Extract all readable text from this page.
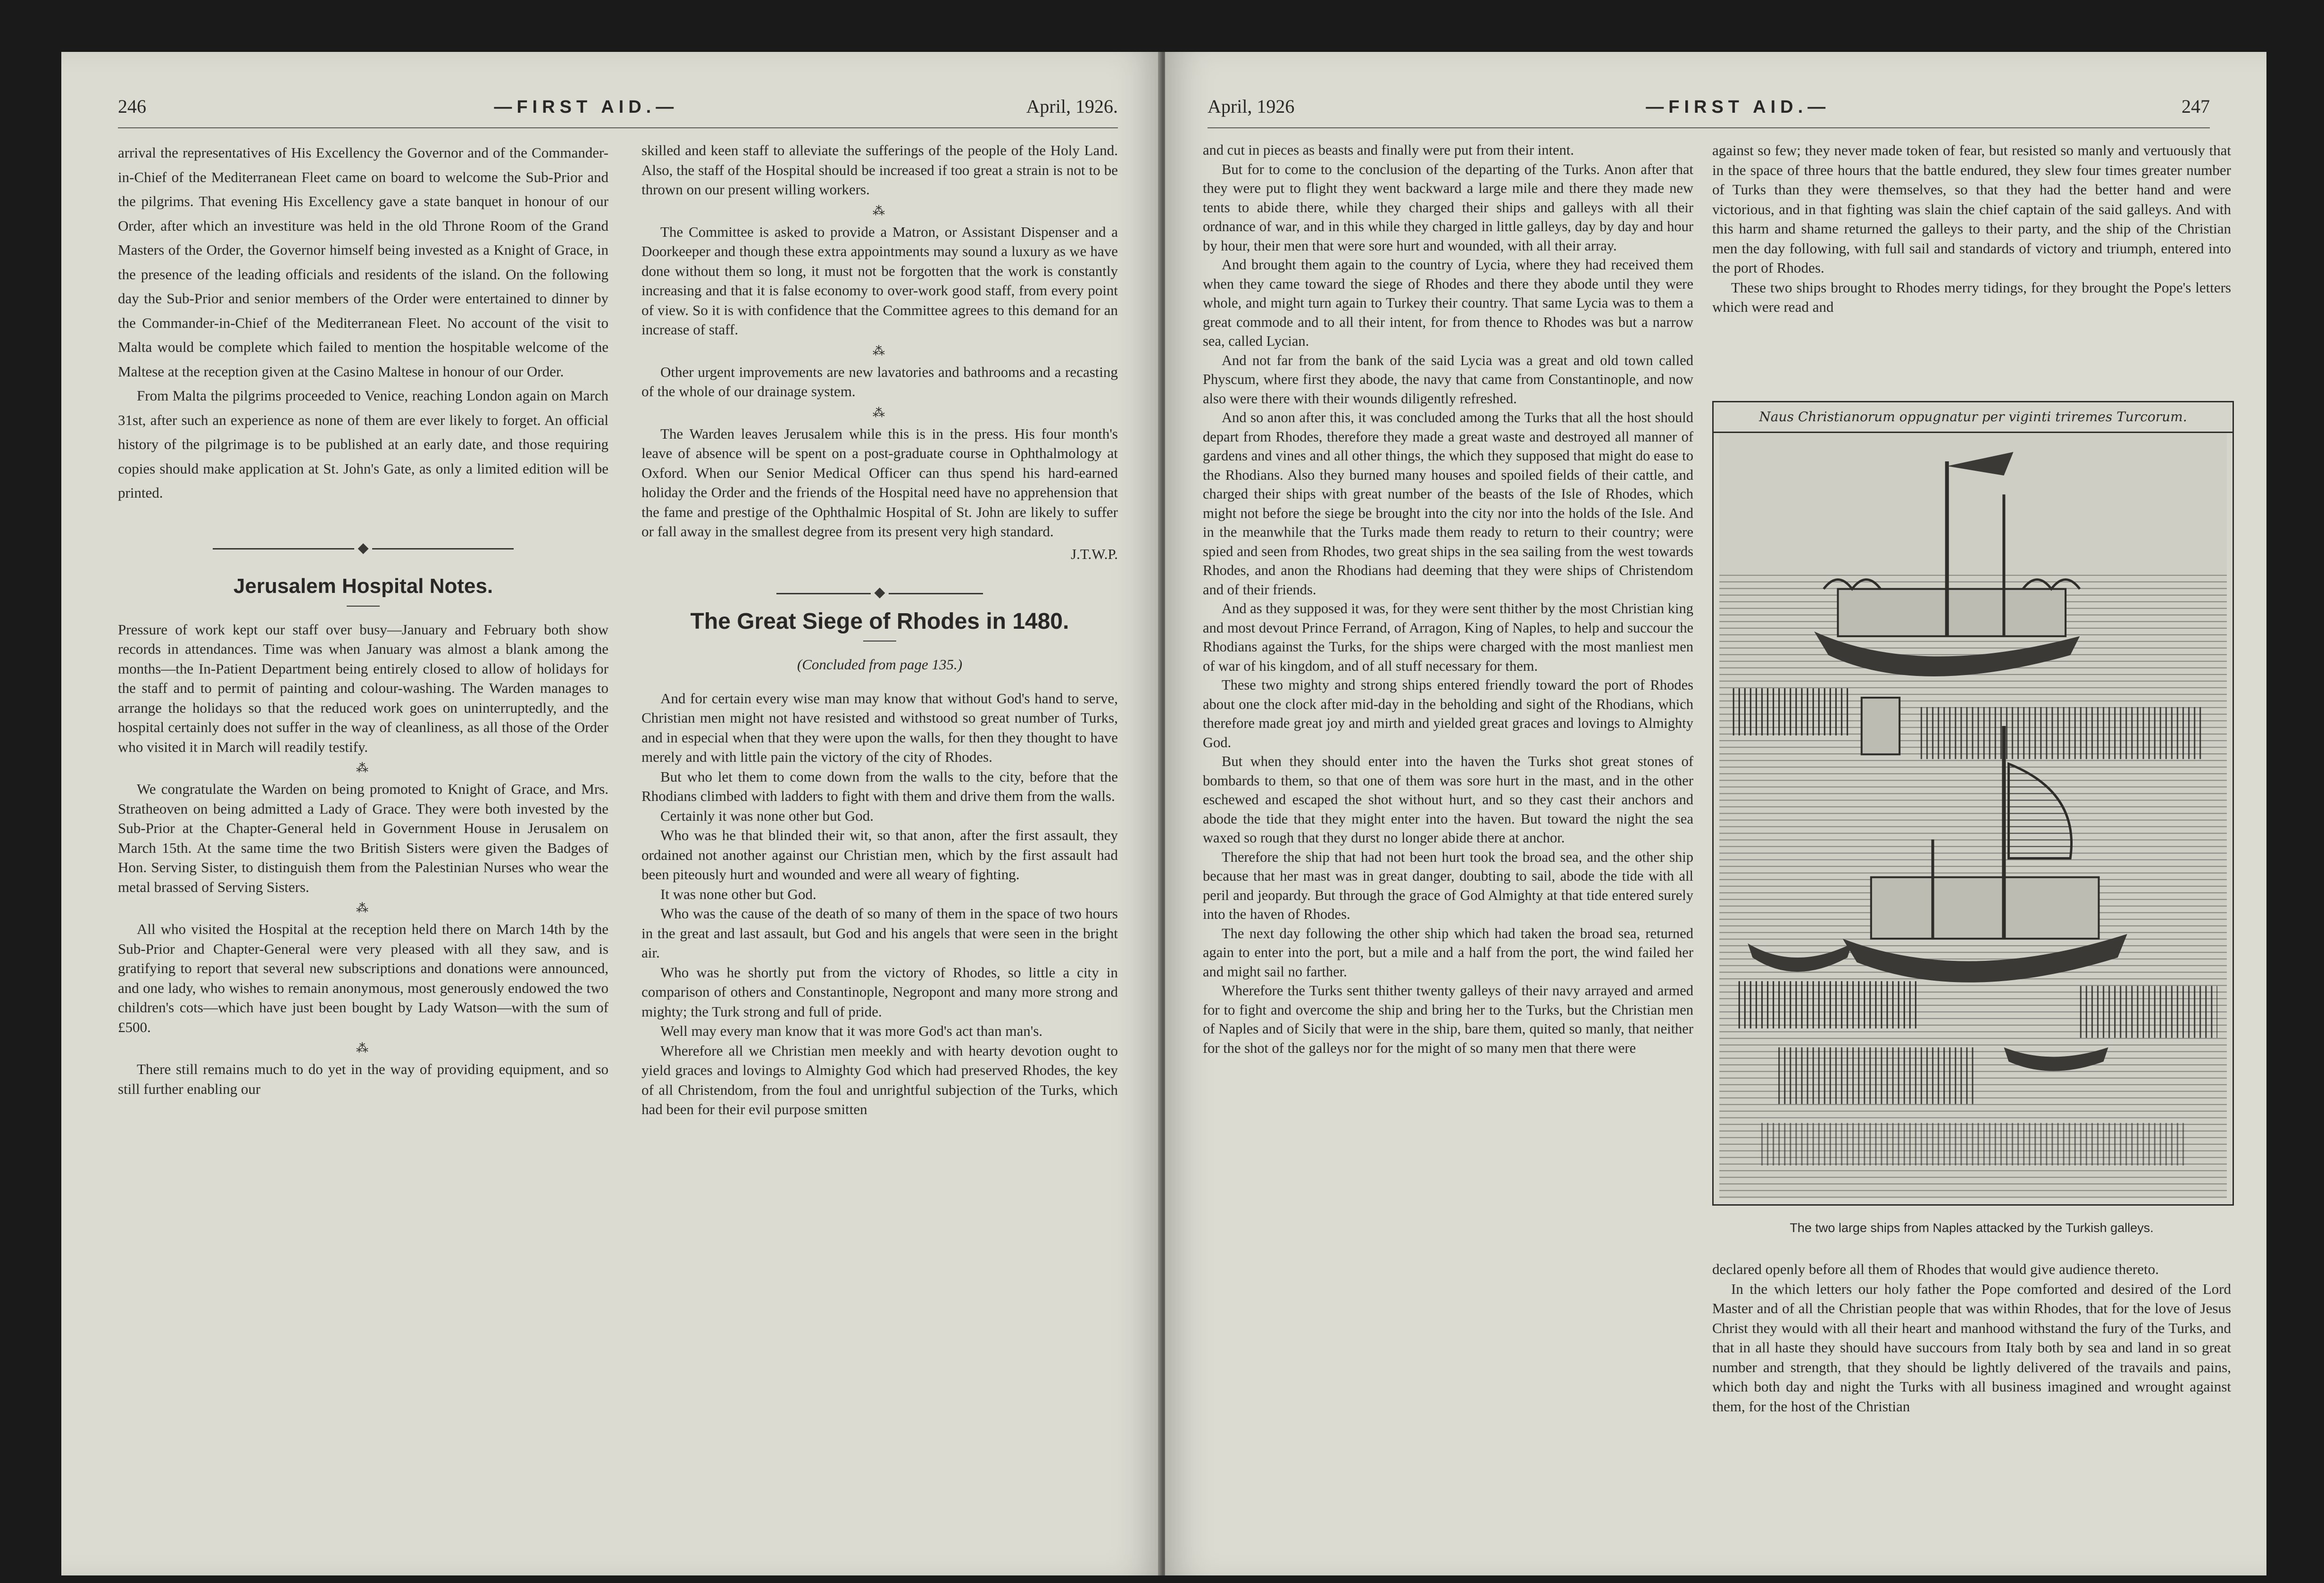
246	—FIRST AID.—	April, 1926.

arrival the representatives of His Excellency the Governor and of the Commander-in-Chief of the Mediterranean Fleet came on board to welcome the Sub-Prior and the pilgrims. That evening His Excellency gave a state banquet in honour of our Order, after which an investiture was held in the old Throne Room of the Grand Masters of the Order, the Governor himself being invested as a Knight of Grace, in the presence of the leading officials and residents of the island. On the following day the Sub-Prior and senior members of the Order were entertained to dinner by the Commander-in-Chief of the Mediterranean Fleet. No account of the visit to Malta would be complete which failed to mention the hospitable welcome of the Maltese at the reception given at the Casino Maltese in honour of our Order.

From Malta the pilgrims proceeded to Venice, reaching London again on March 31st, after such an experience as none of them are ever likely to forget. An official history of the pilgrimage is to be published at an early date, and those requiring copies should make application at St. John's Gate, as only a limited edition will be printed.

◆
Jerusalem Hospital Notes.

Pressure of work kept our staff over busy—January and February both show records in attendances. Time was when January was almost a blank among the months—the In-Patient Department being entirely closed to allow of holidays for the staff and to permit of painting and colour-washing. The Warden manages to arrange the holidays so that the reduced work goes on uninterruptedly, and the hospital certainly does not suffer in the way of cleanliness, as all those of the Order who visited it in March will readily testify.

⁂

We congratulate the Warden on being promoted to Knight of Grace, and Mrs. Stratheoven on being admitted a Lady of Grace. They were both invested by the Sub-Prior at the Chapter-General held in Government House in Jerusalem on March 15th. At the same time the two British Sisters were given the Badges of Hon. Serving Sister, to distinguish them from the Palestinian Nurses who wear the metal brassed of Serving Sisters.

⁂

All who visited the Hospital at the reception held there on March 14th by the Sub-Prior and Chapter-General were very pleased with all they saw, and is gratifying to report that several new subscriptions and donations were announced, and one lady, who wishes to remain anonymous, most generously endowed the two children's cots—which have just been bought by Lady Watson—with the sum of £500.

⁂

There still remains much to do yet in the way of providing equipment, and so still further enabling our

skilled and keen staff to alleviate the sufferings of the people of the Holy Land. Also, the staff of the Hospital should be increased if too great a strain is not to be thrown on our present willing workers.

⁂

The Committee is asked to provide a Matron, or Assistant Dispenser and a Doorkeeper and though these extra appointments may sound a luxury as we have done without them so long, it must not be forgotten that the work is constantly increasing and that it is false economy to over-work good staff, from every point of view. So it is with confidence that the Committee agrees to this demand for an increase of staff.

⁂

Other urgent improvements are new lavatories and bathrooms and a recasting of the whole of our drainage system.

⁂

The Warden leaves Jerusalem while this is in the press. His four month's leave of absence will be spent on a post-graduate course in Ophthalmology at Oxford. When our Senior Medical Officer can thus spend his hard-earned holiday the Order and the friends of the Hospital need have no apprehension that the fame and prestige of the Ophthalmic Hospital of St. John are likely to suffer or fall away in the smallest degree from its present very high standard.

J.T.W.P.
◆
The Great Siege of Rhodes in 1480.
(Concluded from page 135.)

And for certain every wise man may know that without God's hand to serve, Christian men might not have resisted and withstood so great number of Turks, and in especial when that they were upon the walls, for then they thought to have merely and with little pain the victory of the city of Rhodes.

But who let them to come down from the walls to the city, before that the Rhodians climbed with ladders to fight with them and drive them from the walls.

Certainly it was none other but God.

Who was he that blinded their wit, so that anon, after the first assault, they ordained not another against our Christian men, which by the first assault had been piteously hurt and wounded and were all weary of fighting.

It was none other but God.

Who was the cause of the death of so many of them in the space of two hours in the great and last assault, but God and his angels that were seen in the bright air.

Who was he shortly put from the victory of Rhodes, so little a city in comparison of others and Constantinople, Negropont and many more strong and mighty; the Turk strong and full of pride.

Well may every man know that it was more God's act than man's.

Wherefore all we Christian men meekly and with hearty devotion ought to yield graces and lovings to Almighty God which had preserved Rhodes, the key of all Christendom, from the foul and unrightful subjection of the Turks, which had been for their evil purpose smitten

April, 1926	—FIRST AID.—	247

and cut in pieces as beasts and finally were put from their intent.

But for to come to the conclusion of the departing of the Turks. Anon after that they were put to flight they went backward a large mile and there they made new tents to abide there, while they charged their ships and galleys with all their ordnance of war, and in this while they charged in little galleys, day by day and hour by hour, their men that were sore hurt and wounded, with all their array.

And brought them again to the country of Lycia, where they had received them when they came toward the siege of Rhodes and there they abode until they were whole, and might turn again to Turkey their country. That same Lycia was to them a great commode and to all their intent, for from thence to Rhodes was but a narrow sea, called Lycian.

And not far from the bank of the said Lycia was a great and old town called Physcum, where first they abode, the navy that came from Constantinople, and now also were there with their wounds diligently refreshed.

And so anon after this, it was concluded among the Turks that all the host should depart from Rhodes, therefore they made a great waste and destroyed all manner of gardens and vines and all other things, the which they supposed that might do ease to the Rhodians. Also they burned many houses and spoiled fields of their cattle, and charged their ships with great number of the beasts of the Isle of Rhodes, which might not before the siege be brought into the city nor into the holds of the Isle. And in the meanwhile that the Turks made them ready to return to their country; were spied and seen from Rhodes, two great ships in the sea sailing from the west towards Rhodes, and anon the Rhodians had deeming that they were ships of Christendom and of their friends.

And as they supposed it was, for they were sent thither by the most Christian king and most devout Prince Ferrand, of Arragon, King of Naples, to help and succour the Rhodians against the Turks, for the ships were charged with the most manliest men of war of his kingdom, and of all stuff necessary for them.

These two mighty and strong ships entered friendly toward the port of Rhodes about one the clock after mid-day in the beholding and sight of the Rhodians, which therefore made great joy and mirth and yielded great graces and lovings to Almighty God.

But when they should enter into the haven the Turks shot great stones of bombards to them, so that one of them was sore hurt in the mast, and in the other eschewed and escaped the shot without hurt, and so they cast their anchors and abode the tide that they might enter into the haven. But toward the night the sea waxed so rough that they durst no longer abide there at anchor.

Therefore the ship that had not been hurt took the broad sea, and the other ship because that her mast was in great danger, doubting to sail, abode the tide with all peril and jeopardy. But through the grace of God Almighty at that tide entered surely into the haven of Rhodes.

The next day following the other ship which had taken the broad sea, returned again to enter into the port, but a mile and a half from the port, the wind failed her and might sail no farther.

Wherefore the Turks sent thither twenty galleys of their navy arrayed and armed for to fight and overcome the ship and bring her to the Turks, but the Christian men of Naples and of Sicily that were in the ship, bare them, quited so manly, that neither for the shot of the galleys nor for the might of so many men that there were

against so few; they never made token of fear, but resisted so manly and vertuously that in the space of three hours that the battle endured, they slew four times greater number of Turks than they were themselves, so that they had the better hand and were victorious, and in that fighting was slain the chief captain of the said galleys. And with this harm and shame returned the galleys to their party, and the ship of the Christian men the day following, with full sail and standards of victory and triumph, entered into the port of Rhodes.

These two ships brought to Rhodes merry tidings, for they brought the Pope's letters which were read and

Naus Christianorum oppugnatur per viginti triremes Turcorum.
The two large ships from Naples attacked by the Turkish galleys.

declared openly before all them of Rhodes that would give audience thereto.

In the which letters our holy father the Pope comforted and desired of the Lord Master and of all the Christian people that was within Rhodes, that for the love of Jesus Christ they would with all their heart and manhood withstand the fury of the Turks, and that in all haste they should have succours from Italy both by sea and land in so great number and strength, that they should be lightly delivered of the travails and pains, which both day and night the Turks with all business imagined and wrought against them, for the host of the Christian
